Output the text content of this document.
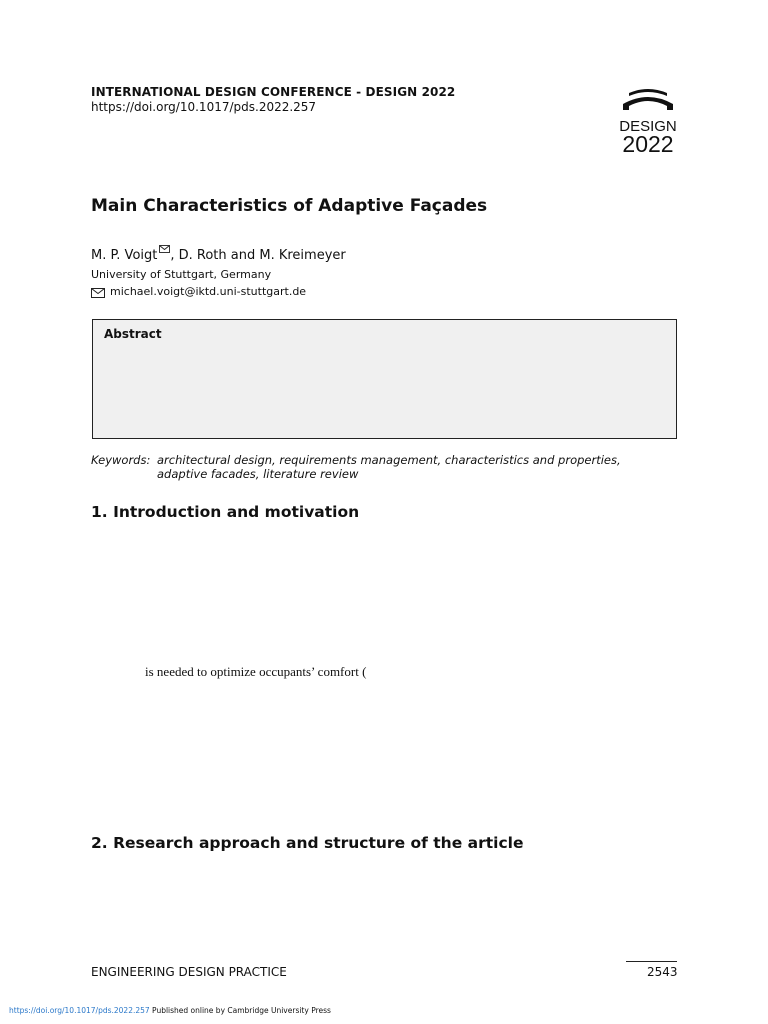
INTERNATIONAL DESIGN CONFERENCE - DESIGN 2022
https://doi.org/10.1017/pds.2022.257
DESIGN
2022
Main Characteristics of Adaptive Façades
M. P. Voigt , D. Roth and M. Kreimeyer
University of Stuttgart, Germany
michael.voigt@iktd.uni-stuttgart.de
Abstract
Keywords: architectural design, requirements management, characteristics and properties,
adaptive facades, literature review
1. Introduction and motivation
is needed to optimize occupants’ comfort (
2. Research approach and structure of the article
ENGINEERING DESIGN PRACTICE	2543
https://doi.org/10.1017/pds.2022.257 Published online by Cambridge University Press
